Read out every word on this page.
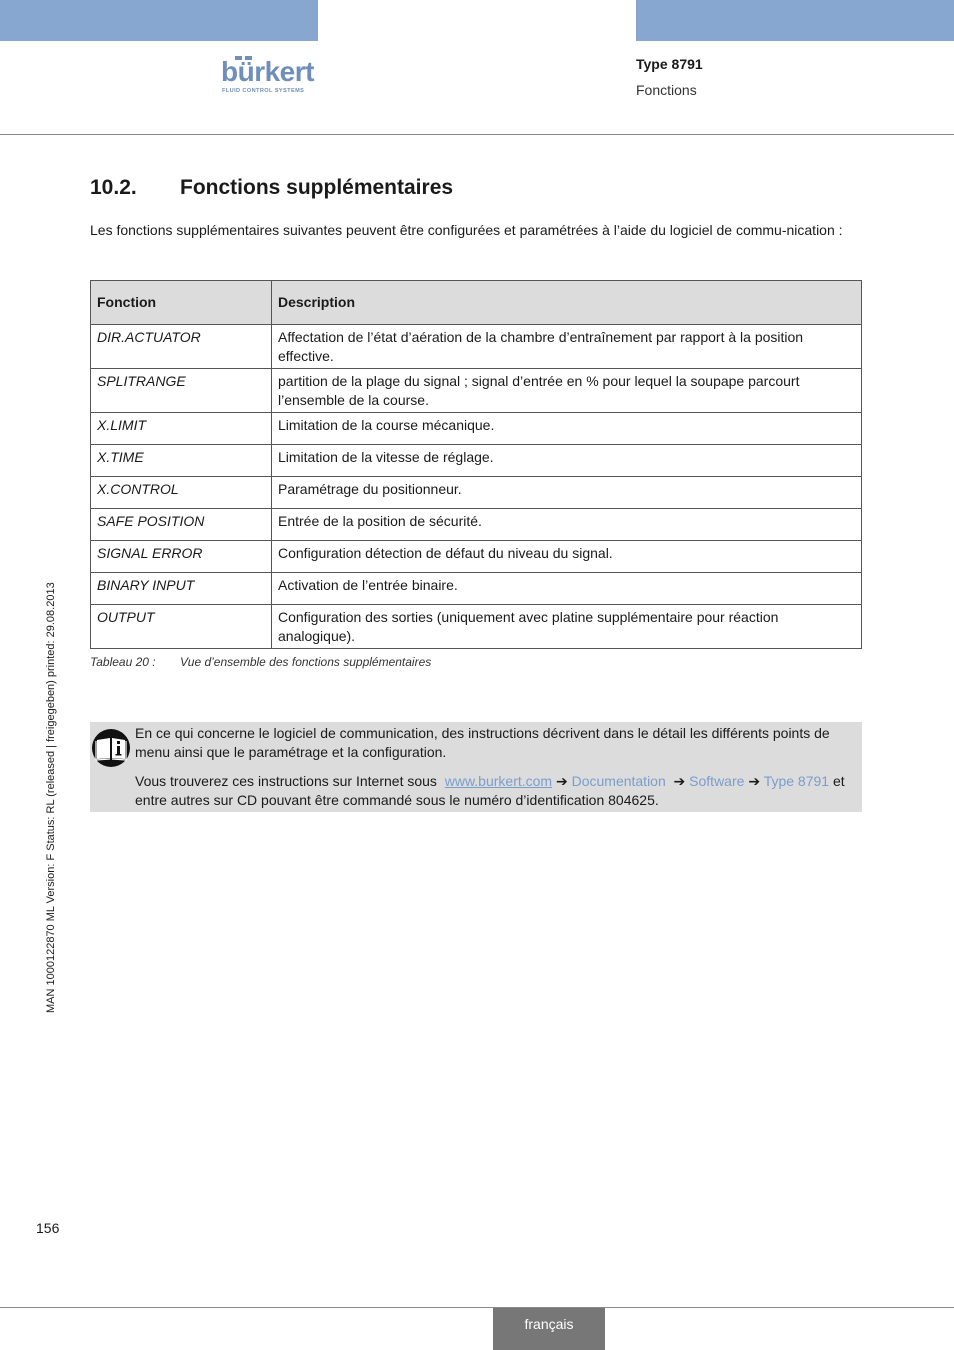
bürkert
FLUID CONTROL SYSTEMS
Type 8791
Fonctions
10.2. Fonctions supplémentaires
Les fonctions supplémentaires suivantes peuvent être configurées et paramétrées à l’aide du logiciel de commu-nication :
Fonction	Description
DIR.ACTUATOR	Affectation de l’état d’aération de la chambre d’entraînement par rapport à la position effective.
SPLITRANGE	partition de la plage du signal ; signal d’entrée en % pour lequel la soupape parcourt l’ensemble de la course.
X.LIMIT	Limitation de la course mécanique.
X.TIME	Limitation de la vitesse de réglage.
X.CONTROL	Paramétrage du positionneur.
SAFE POSITION	Entrée de la position de sécurité.
SIGNAL ERROR	Configuration détection de défaut du niveau du signal.
BINARY INPUT	Activation de l’entrée binaire.
OUTPUT	Configuration des sorties (uniquement avec platine supplémentaire pour réaction analogique).
Tableau 20 : Vue d’ensemble des fonctions supplémentaires

En ce qui concerne le logiciel de communication, des instructions décrivent dans le détail les différents points de menu ainsi que le paramétrage et la configuration.

Vous trouverez ces instructions sur Internet sous www.burkert.com ➔ Documentation ➔ Software ➔ Type 8791 et entre autres sur CD pouvant être commandé sous le numéro d’identification 804625.

MAN 1000122870 ML Version: F Status: RL (released | freigegeben) printed: 29.08.2013
156
français
